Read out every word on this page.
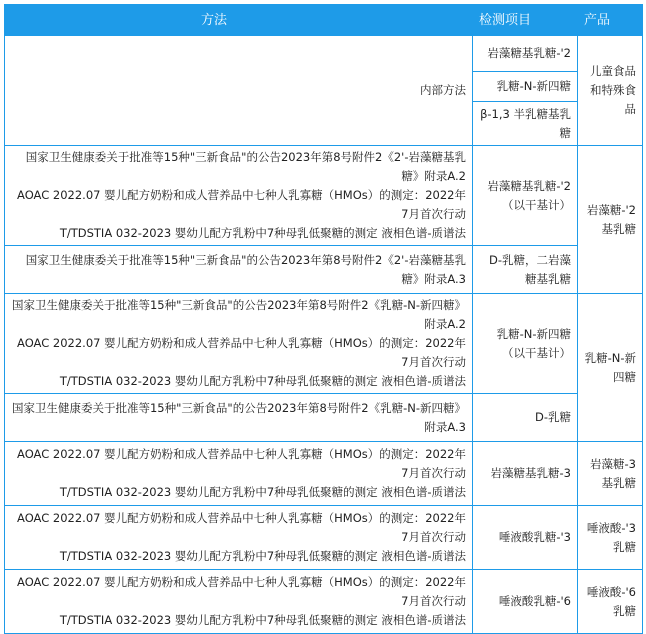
产品	检测项目	方法
儿童食品和特殊食品	2'-岩藻糖基乳糖	内部方法
	乳糖-N-新四糖	
	β-1,3 半乳糖基乳糖	
2'-岩藻糖基乳糖	2'-岩藻糖基乳糖（以干基计）	国家卫生健康委关于批准等15种"三新食品"的公告2023年第8号附件2《2'-岩藻糖基乳糖》附录A.2
AOAC 2022.07 婴儿配方奶粉和成人营养品中七种人乳寡糖（HMOs）的测定：2022年7月首次行动
T/TDSTIA 032-2023 婴幼儿配方乳粉中7种母乳低聚糖的测定 液相色谱-质谱法

	D-乳糖，二岩藻糖基乳糖	国家卫生健康委关于批准等15种"三新食品"的公告2023年第8号附件2《2'-岩藻糖基乳糖》附录A.3
乳糖-N-新四糖	乳糖-N-新四糖（以干基计）	国家卫生健康委关于批准等15种"三新食品"的公告2023年第8号附件2《乳糖-N-新四糖》附录A.2
AOAC 2022.07 婴儿配方奶粉和成人营养品中七种人乳寡糖（HMOs）的测定：2022年7月首次行动
T/TDSTIA 032-2023 婴幼儿配方乳粉中7种母乳低聚糖的测定 液相色谱-质谱法

	D-乳糖	国家卫生健康委关于批准等15种"三新食品"的公告2023年第8号附件2《乳糖-N-新四糖》附录A.3
3-岩藻糖基乳糖	3-岩藻糖基乳糖	AOAC 2022.07 婴儿配方奶粉和成人营养品中七种人乳寡糖（HMOs）的测定：2022年7月首次行动
T/TDSTIA 032-2023 婴幼儿配方乳粉中7种母乳低聚糖的测定 液相色谱-质谱法

3'-唾液酸乳糖	3'-唾液酸乳糖	AOAC 2022.07 婴儿配方奶粉和成人营养品中七种人乳寡糖（HMOs）的测定：2022年7月首次行动
T/TDSTIA 032-2023 婴幼儿配方乳粉中7种母乳低聚糖的测定 液相色谱-质谱法

6'-唾液酸乳糖	6'-唾液酸乳糖	AOAC 2022.07 婴儿配方奶粉和成人营养品中七种人乳寡糖（HMOs）的测定：2022年7月首次行动
T/TDSTIA 032-2023 婴幼儿配方乳粉中7种母乳低聚糖的测定 液相色谱-质谱法
